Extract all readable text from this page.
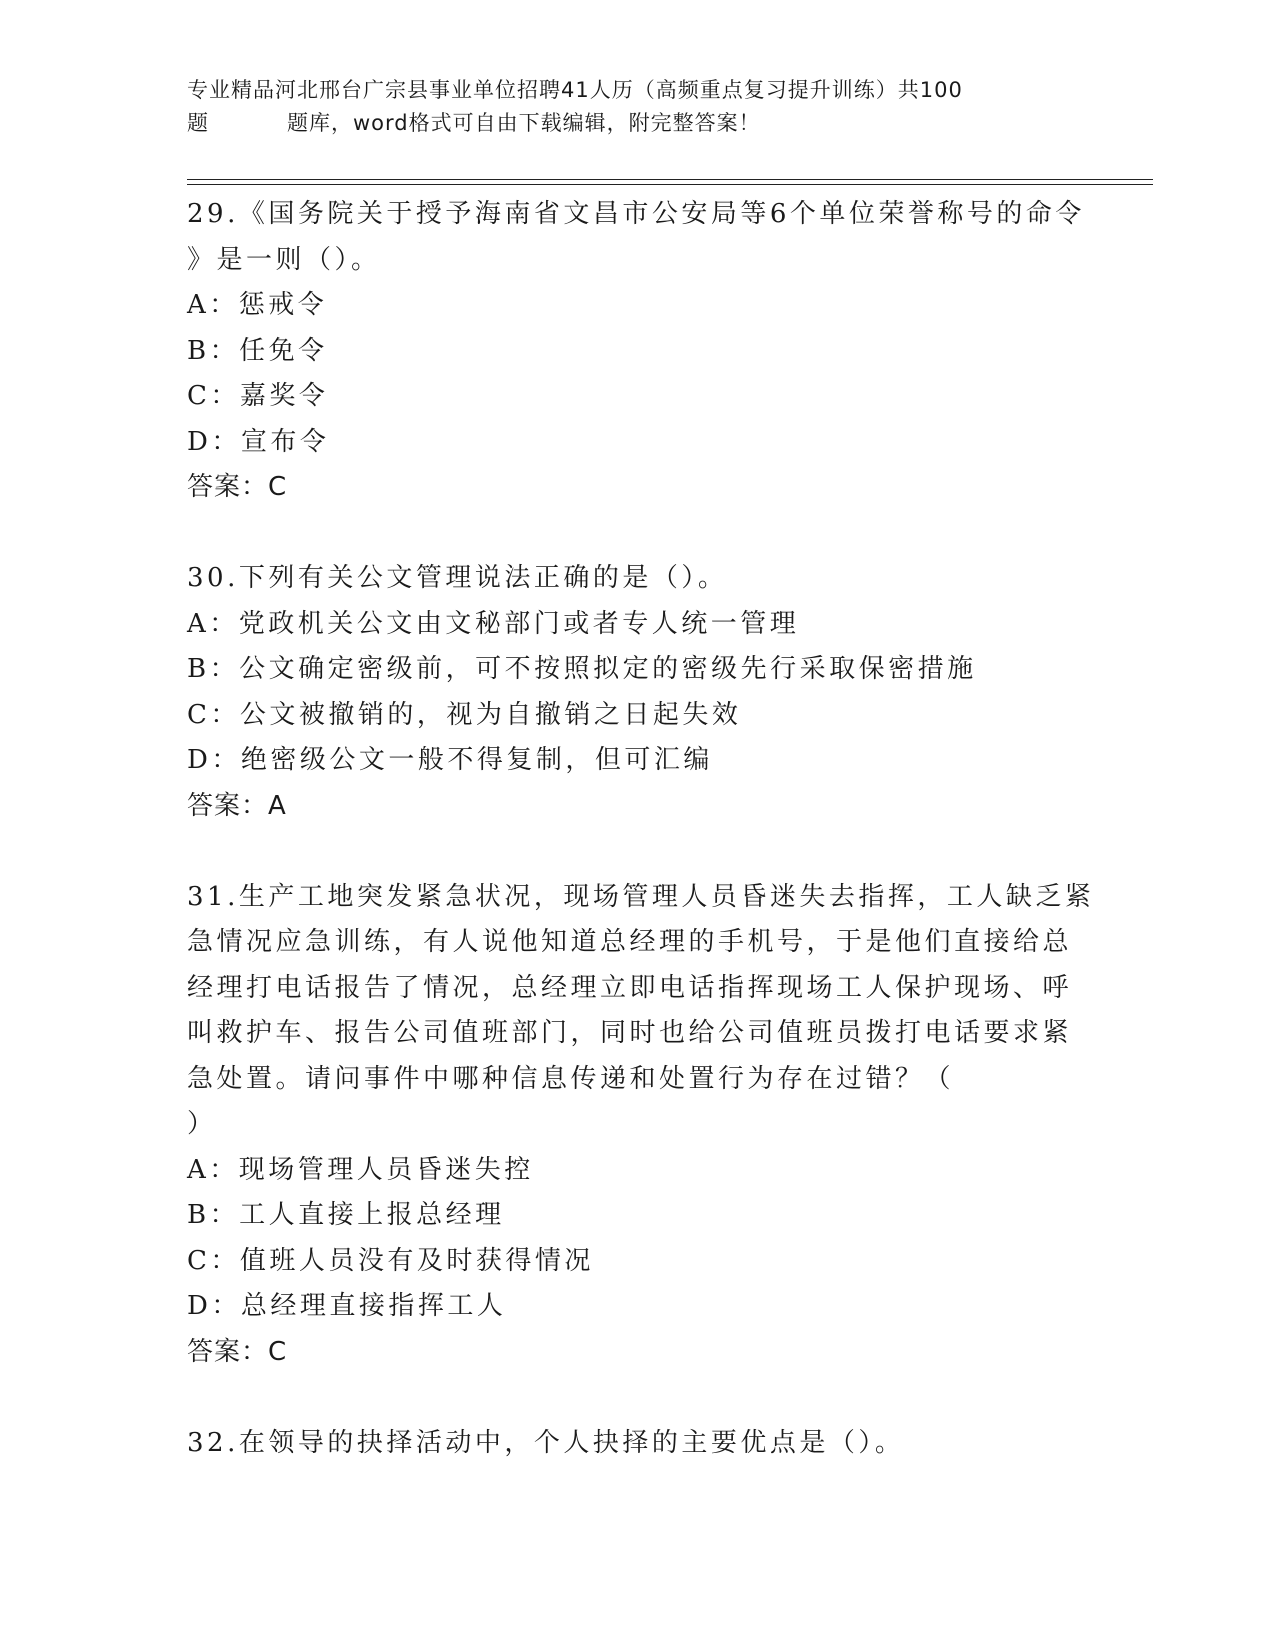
专业精品河北邢台广宗县事业单位招聘41人历（高频重点复习提升训练）共100
题	题库，word格式可自由下载编辑，附完整答案！
29.《国务院关于授予海南省文昌市公安局等6个单位荣誉称号的命令
》是一则（）。
A：惩戒令
B：任免令
C：嘉奖令
D：宣布令
答案：C
30.下列有关公文管理说法正确的是（）。
A：党政机关公文由文秘部门或者专人统一管理
B：公文确定密级前，可不按照拟定的密级先行采取保密措施
C：公文被撤销的，视为自撤销之日起失效
D：绝密级公文一般不得复制，但可汇编
答案：A
31.生产工地突发紧急状况，现场管理人员昏迷失去指挥，工人缺乏紧
急情况应急训练，有人说他知道总经理的手机号，于是他们直接给总
经理打电话报告了情况，总经理立即电话指挥现场工人保护现场、呼
叫救护车、报告公司值班部门，同时也给公司值班员拨打电话要求紧
急处置。请问事件中哪种信息传递和处置行为存在过错？（
）
A：现场管理人员昏迷失控
B：工人直接上报总经理
C：值班人员没有及时获得情况
D：总经理直接指挥工人
答案：C
32.在领导的抉择活动中，个人抉择的主要优点是（）。
